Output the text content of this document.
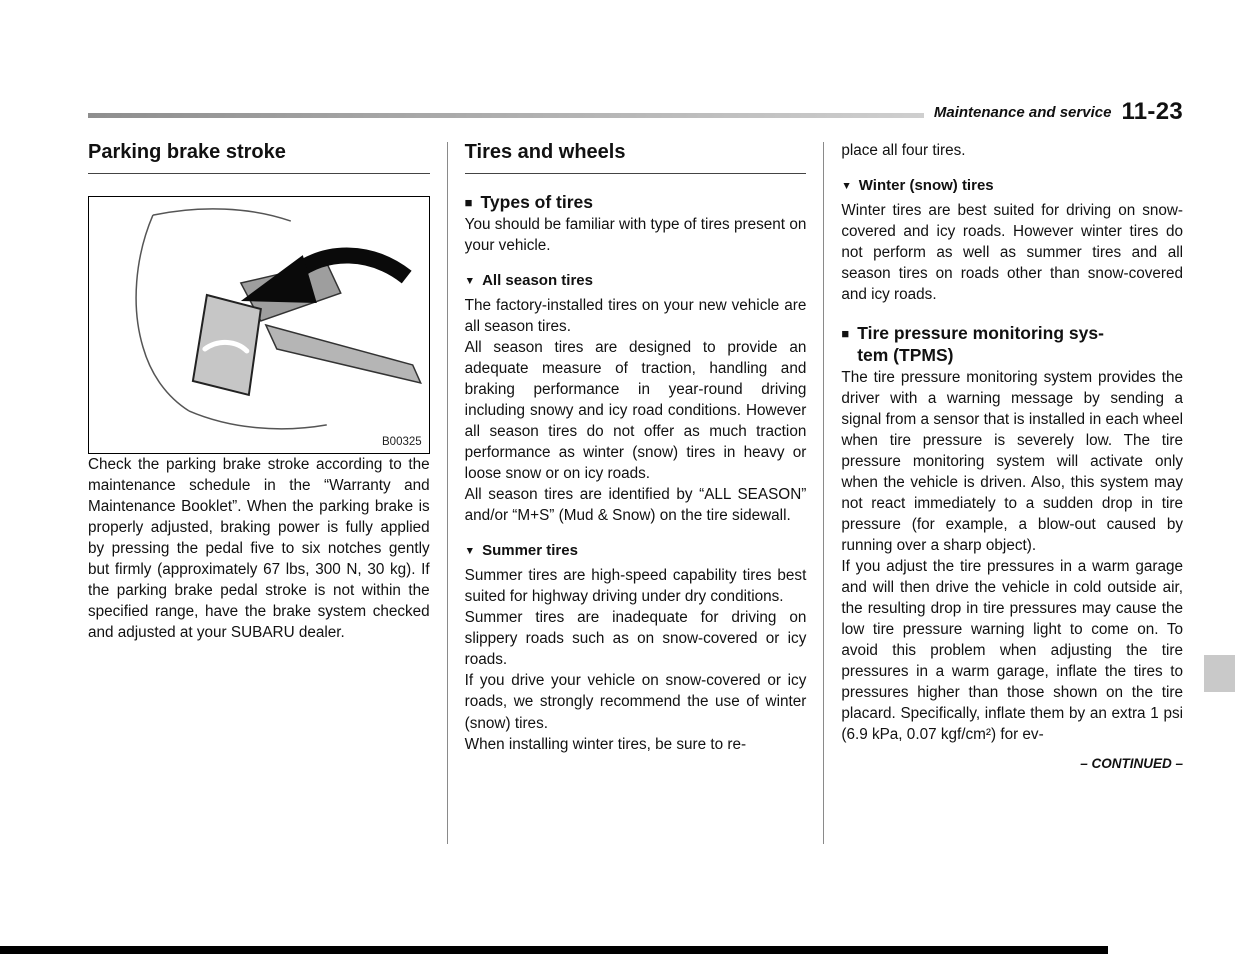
Maintenance and service 11-23
Parking brake stroke
B00325

Check the parking brake stroke according to the maintenance schedule in the “Warranty and Maintenance Booklet”. When the parking brake is properly adjusted, braking power is fully applied by pressing the pedal five to six notches gently but firmly (approximately 67 lbs, 300 N, 30 kg). If the parking brake pedal stroke is not within the specified range, have the brake system checked and adjusted at your SUBARU dealer.

Tires and wheels
■ Types of tires

You should be familiar with type of tires present on your vehicle.

▼ All season tires

The factory-installed tires on your new vehicle are all season tires.

All season tires are designed to provide an adequate measure of traction, handling and braking performance in year-round driving including snowy and icy road conditions. However all season tires do not offer as much traction performance as winter (snow) tires in heavy or loose snow or on icy roads.

All season tires are identified by “ALL SEASON” and/or “M+S” (Mud & Snow) on the tire sidewall.

▼ Summer tires

Summer tires are high-speed capability tires best suited for highway driving under dry conditions.

Summer tires are inadequate for driving on slippery roads such as on snow-covered or icy roads.

If you drive your vehicle on snow-covered or icy roads, we strongly recommend the use of winter (snow) tires.

When installing winter tires, be sure to re-

place all four tires.

▼ Winter (snow) tires

Winter tires are best suited for driving on snow-covered and icy roads. However winter tires do not perform as well as summer tires and all season tires on roads other than snow-covered and icy roads.

■ Tire pressure monitoring sys-
tem (TPMS)

The tire pressure monitoring system provides the driver with a warning message by sending a signal from a sensor that is installed in each wheel when tire pressure is severely low. The tire pressure monitoring system will activate only when the vehicle is driven. Also, this system may not react immediately to a sudden drop in tire pressure (for example, a blow-out caused by running over a sharp object).

If you adjust the tire pressures in a warm garage and will then drive the vehicle in cold outside air, the resulting drop in tire pressures may cause the low tire pressure warning light to come on. To avoid this problem when adjusting the tire pressures in a warm garage, inflate the tires to pressures higher than those shown on the tire placard. Specifically, inflate them by an extra 1 psi (6.9 kPa, 0.07 kgf/cm²) for ev-

– CONTINUED –
